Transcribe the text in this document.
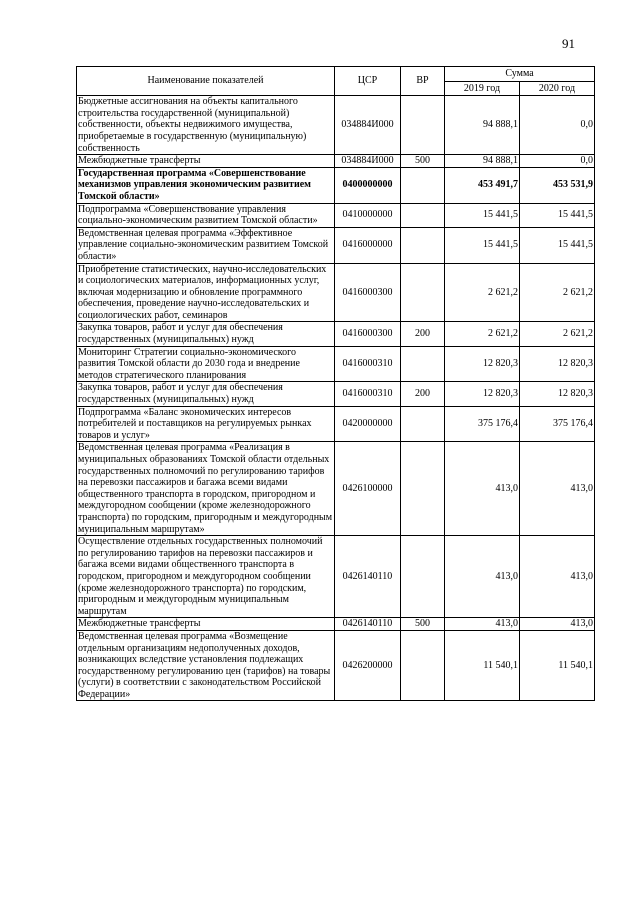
91
Наименование показателей	ЦСР	ВР	Сумма	
			2019 год	2020 год
Бюджетные ассигнования на объекты капитального строительства государственной (муниципальной) собственности, объекты недвижимого имущества, приобретаемые в государственную (муниципальную) собственность	034884И000		94 888,1	0,0
Межбюджетные трансферты	034884И000	500	94 888,1	0,0
Государственная программа «Совершенствование механизмов управления экономическим развитием Томской области»	0400000000		453 491,7	453 531,9
Подпрограмма «Совершенствование управления социально-экономическим развитием Томской области»	0410000000		15 441,5	15 441,5
Ведомственная целевая программа «Эффективное управление социально-экономическим развитием Томской области»	0416000000		15 441,5	15 441,5
Приобретение статистических, научно-исследовательских и социологических материалов, информационных услуг, включая модернизацию и обновление программного обеспечения, проведение научно-исследовательских и социологических работ, семинаров	0416000300		2 621,2	2 621,2
Закупка товаров, работ и услуг для обеспечения государственных (муниципальных) нужд	0416000300	200	2 621,2	2 621,2
Мониторинг Стратегии социально-экономического развития Томской области до 2030 года и внедрение методов стратегического планирования	0416000310		12 820,3	12 820,3
Закупка товаров, работ и услуг для обеспечения государственных (муниципальных) нужд	0416000310	200	12 820,3	12 820,3
Подпрограмма «Баланс экономических интересов потребителей и поставщиков на регулируемых рынках товаров и услуг»	0420000000		375 176,4	375 176,4
Ведомственная целевая программа «Реализация в муниципальных образованиях Томской области отдельных государственных полномочий по регулированию тарифов на перевозки пассажиров и багажа всеми видами общественного транспорта в городском, пригородном и междугородном сообщении (кроме железнодорожного транспорта) по городским, пригородным и междугородным муниципальным маршрутам»	0426100000		413,0	413,0
Осуществление отдельных государственных полномочий по регулированию тарифов на перевозки пассажиров и багажа всеми видами общественного транспорта в городском, пригородном и междугородном сообщении (кроме железнодорожного транспорта) по городским, пригородным и междугородным муниципальным маршрутам	0426140110		413,0	413,0
Межбюджетные трансферты	0426140110	500	413,0	413,0
Ведомственная целевая программа «Возмещение отдельным организациям недополученных доходов, возникающих вследствие установления подлежащих государственному регулированию цен (тарифов) на товары (услуги) в соответствии с законодательством Российской Федерации»	0426200000		11 540,1	11 540,1
